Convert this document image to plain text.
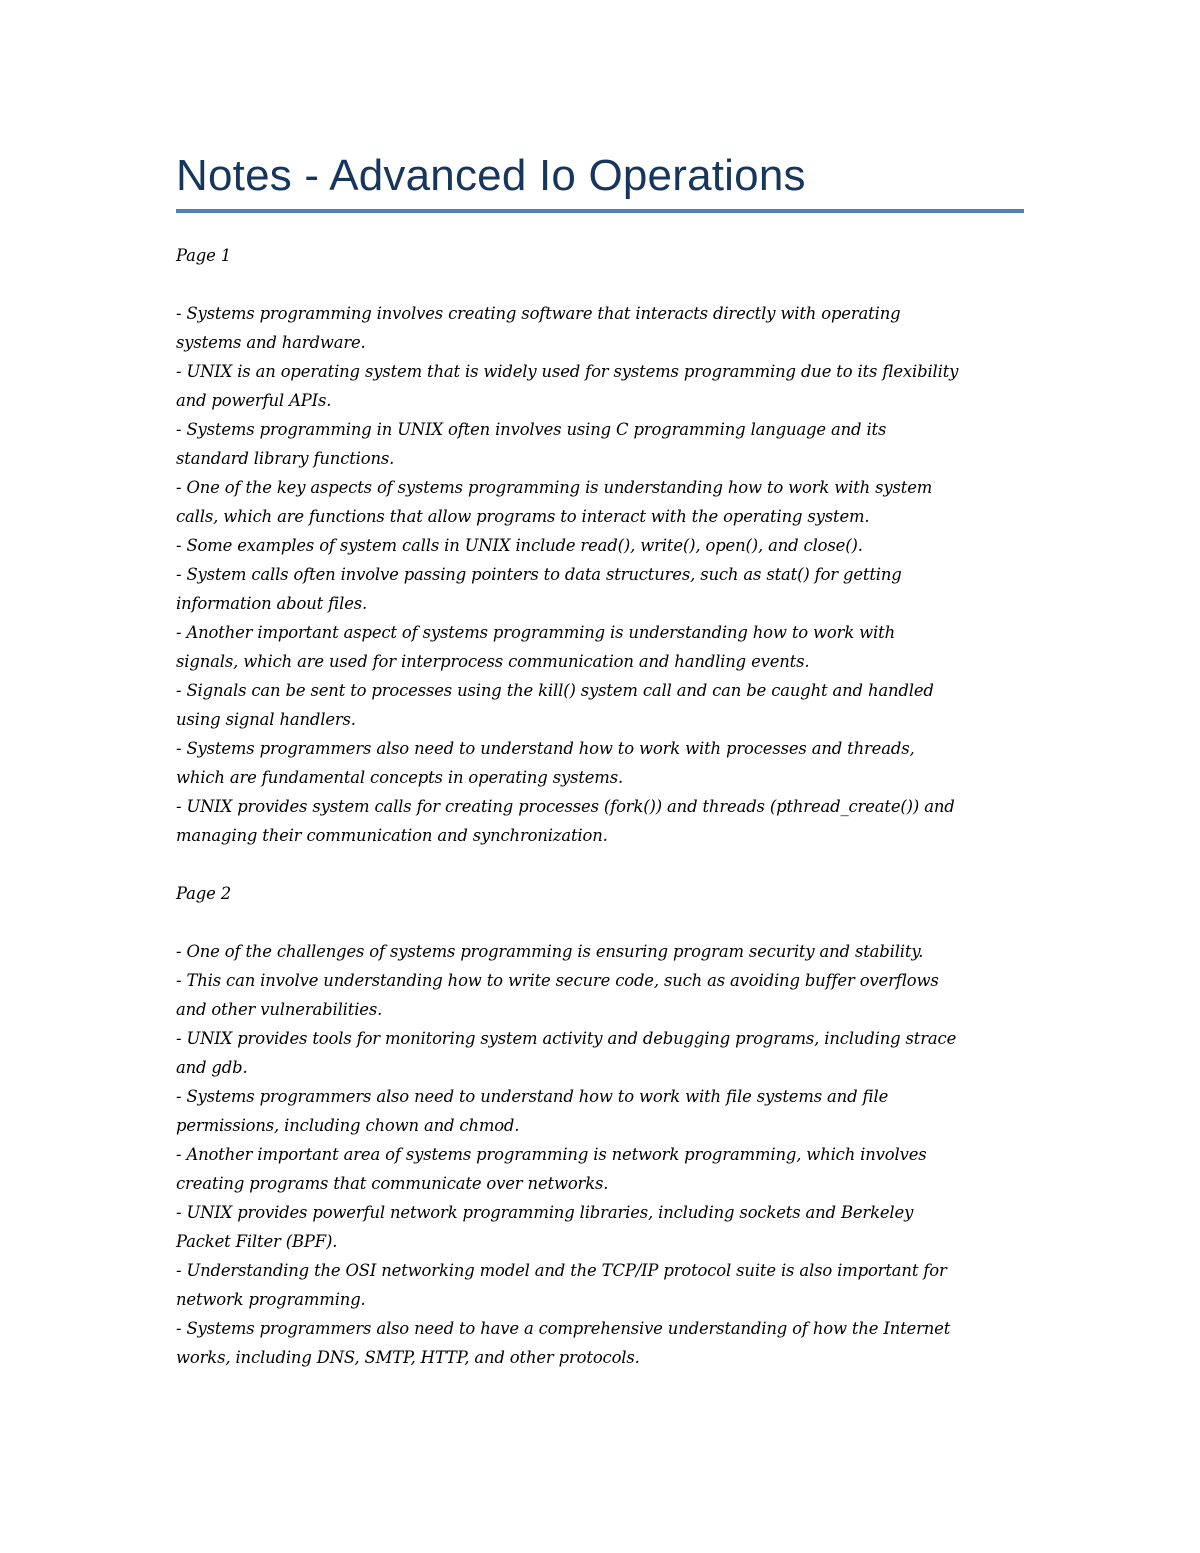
Notes - Advanced Io Operations

Page 1

- Systems programming involves creating software that interacts directly with operating

systems and hardware.

- UNIX is an operating system that is widely used for systems programming due to its flexibility

and powerful APIs.

- Systems programming in UNIX often involves using C programming language and its

standard library functions.

- One of the key aspects of systems programming is understanding how to work with system

calls, which are functions that allow programs to interact with the operating system.

- Some examples of system calls in UNIX include read(), write(), open(), and close().

- System calls often involve passing pointers to data structures, such as stat() for getting

information about files.

- Another important aspect of systems programming is understanding how to work with

signals, which are used for interprocess communication and handling events.

- Signals can be sent to processes using the kill() system call and can be caught and handled

using signal handlers.

- Systems programmers also need to understand how to work with processes and threads,

which are fundamental concepts in operating systems.

- UNIX provides system calls for creating processes (fork()) and threads (pthread_create()) and

managing their communication and synchronization.

Page 2

- One of the challenges of systems programming is ensuring program security and stability.

- This can involve understanding how to write secure code, such as avoiding buffer overflows

and other vulnerabilities.

- UNIX provides tools for monitoring system activity and debugging programs, including strace

and gdb.

- Systems programmers also need to understand how to work with file systems and file

permissions, including chown and chmod.

- Another important area of systems programming is network programming, which involves

creating programs that communicate over networks.

- UNIX provides powerful network programming libraries, including sockets and Berkeley

Packet Filter (BPF).

- Understanding the OSI networking model and the TCP/IP protocol suite is also important for

network programming.

- Systems programmers also need to have a comprehensive understanding of how the Internet

works, including DNS, SMTP, HTTP, and other protocols.
